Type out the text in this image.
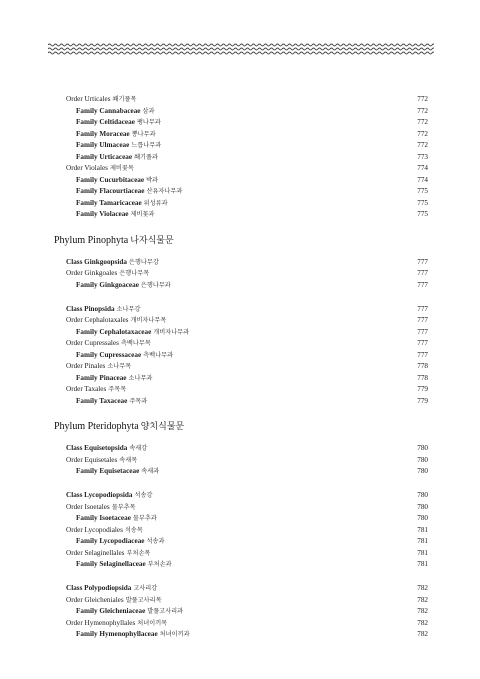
Order Urticales 쐐기풀목	772
Family Cannabaceae 삼과	772
Family Celtidaceae 팽나무과	772
Family Moraceae 뽕나무과	772
Family Ulmaceae 느릅나무과	772
Family Urticaceae 쐐기풀과	773
Order Violales 제비꽃목	774
Family Cucurbitaceae 박과	774
Family Flacourtiaceae 산유자나무과	775
Family Tamaricaceae 위성류과	775
Family Violaceae 제비꽃과	775
Phylum Pinophyta 나자식물문
Class Ginkgoopsida 은행나무강	777
Order Ginkgoales 은행나무목	777
Family Ginkgoaceae 은행나무과	777
Class Pinopsida 소나무강	777
Order Cephalotaxales 개비자나무목	777
Family Cephalotaxaceae 개비자나무과	777
Order Cupressales 측백나무목	777
Family Cupressaceae 측백나무과	777
Order Pinales 소나무목	778
Family Pinaceae 소나무과	778
Order Taxales 주목목	779
Family Taxaceae 주목과	779
Phylum Pteridophyta 양치식물문
Class Equisetopsida 속새강	780
Order Equisetales 속새목	780
Family Equisetaceae 속새과	780
Class Lycopodiopsida 석송강	780
Order Isoetales 물부추목	780
Family Isoetaceae 물부추과	780
Order Lycopodiales 석송목	781
Family Lycopodiaceae 석송과	781
Order Selaginellales 부처손목	781
Family Selaginellaceae 부처손과	781
Class Polypodiopsida 고사리강	782
Order Gleicheniales 발풀고사리목	782
Family Gleicheniaceae 발풀고사리과	782
Order Hymenophyllales 처녀이끼목	782
Family Hymenophyllaceae 처녀이끼과	782
